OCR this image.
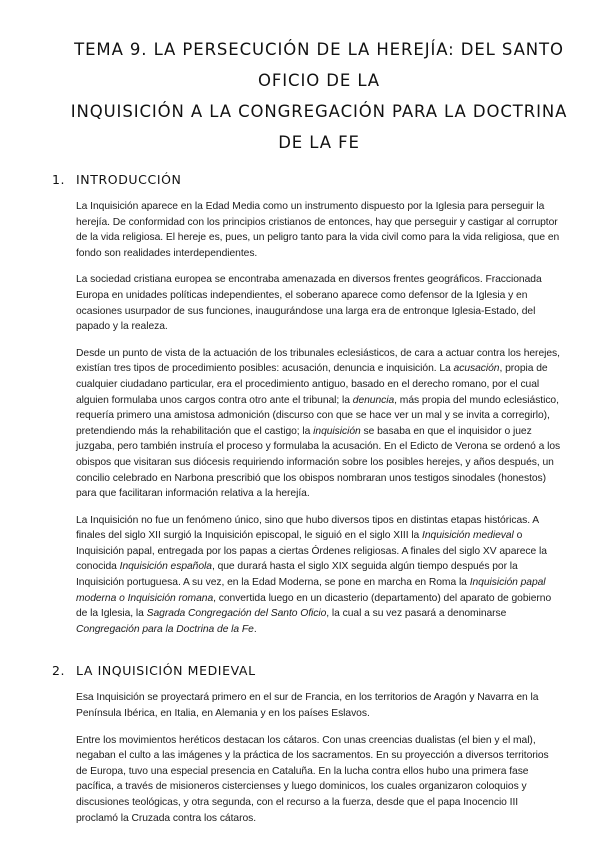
TEMA 9. LA PERSECUCIÓN DE LA HEREJÍA: DEL SANTO OFICIO DE LA
INQUISICIÓN A LA CONGREGACIÓN PARA LA DOCTRINA DE LA FE
1. INTRODUCCIÓN

La Inquisición aparece en la Edad Media como un instrumento dispuesto por la Iglesia para perseguir la herejía. De conformidad con los principios cristianos de entonces, hay que perseguir y castigar al corruptor de la vida religiosa. El hereje es, pues, un peligro tanto para la vida civil como para la vida religiosa, que en fondo son realidades interdependientes.

La sociedad cristiana europea se encontraba amenazada en diversos frentes geográficos. Fraccionada Europa en unidades políticas independientes, el soberano aparece como defensor de la Iglesia y en ocasiones usurpador de sus funciones, inaugurándose una larga era de entronque Iglesia-Estado, del papado y la realeza.

Desde un punto de vista de la actuación de los tribunales eclesiásticos, de cara a actuar contra los herejes, existían tres tipos de procedimiento posibles: acusación, denuncia e inquisición. La acusación, propia de cualquier ciudadano particular, era el procedimiento antiguo, basado en el derecho romano, por el cual alguien formulaba unos cargos contra otro ante el tribunal; la denuncia, más propia del mundo eclesiástico, requería primero una amistosa admonición (discurso con que se hace ver un mal y se invita a corregirlo), pretendiendo más la rehabilitación que el castigo; la inquisición se basaba en que el inquisidor o juez juzgaba, pero también instruía el proceso y formulaba la acusación. En el Edicto de Verona se ordenó a los obispos que visitaran sus diócesis requiriendo información sobre los posibles herejes, y años después, un concilio celebrado en Narbona prescribió que los obispos nombraran unos testigos sinodales (honestos) para que facilitaran información relativa a la herejía.

La Inquisición no fue un fenómeno único, sino que hubo diversos tipos en distintas etapas históricas. A finales del siglo XII surgió la Inquisición episcopal, le siguió en el siglo XIII la Inquisición medieval o Inquisición papal, entregada por los papas a ciertas Órdenes religiosas. A finales del siglo XV aparece la conocida Inquisición española, que durará hasta el siglo XIX seguida algún tiempo después por la Inquisición portuguesa. A su vez, en la Edad Moderna, se pone en marcha en Roma la Inquisición papal moderna o Inquisición romana, convertida luego en un dicasterio (departamento) del aparato de gobierno de la Iglesia, la Sagrada Congregación del Santo Oficio, la cual a su vez pasará a denominarse Congregación para la Doctrina de la Fe.

2. LA INQUISICIÓN MEDIEVAL

Esa Inquisición se proyectará primero en el sur de Francia, en los territorios de Aragón y Navarra en la Península Ibérica, en Italia, en Alemania y en los países Eslavos.

Entre los movimientos heréticos destacan los cátaros. Con unas creencias dualistas (el bien y el mal), negaban el culto a las imágenes y la práctica de los sacramentos. En su proyección a diversos territorios de Europa, tuvo una especial presencia en Cataluña. En la lucha contra ellos hubo una primera fase pacífica, a través de misioneros cistercienses y luego dominicos, los cuales organizaron coloquios y discusiones teológicas, y otra segunda, con el recurso a la fuerza, desde que el papa Inocencio III proclamó la Cruzada contra los cátaros.
